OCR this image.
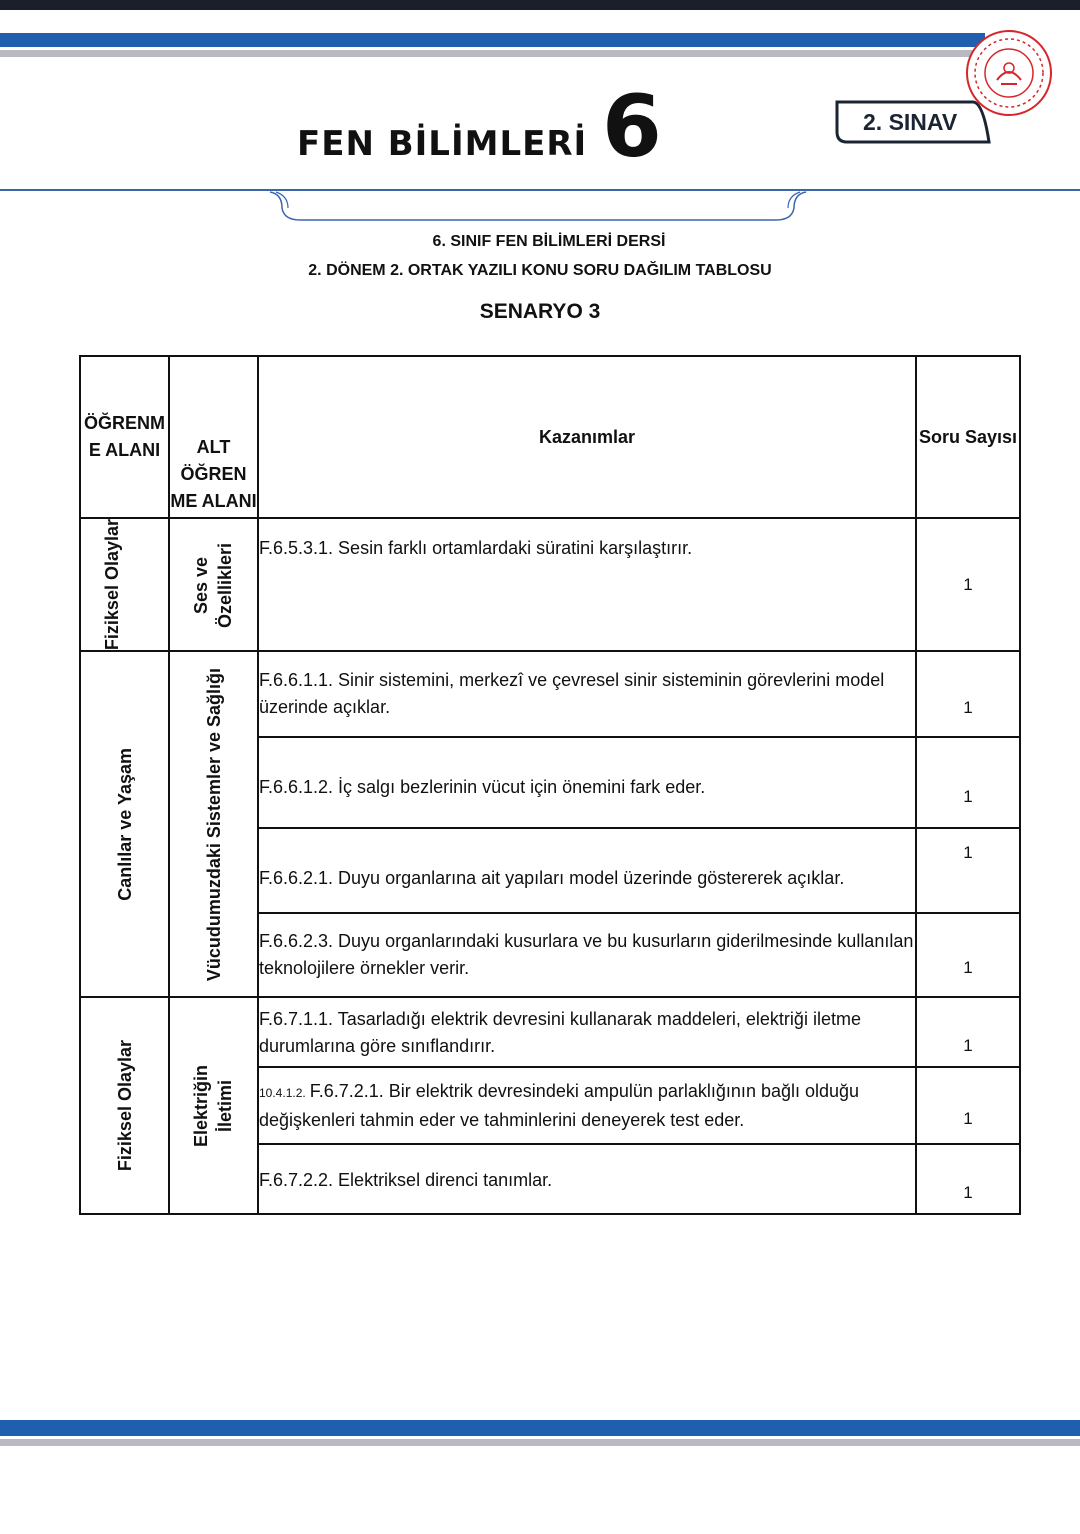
FEN BİLİMLERİ 6	2. SINAV
6. SINIF FEN BİLİMLERİ DERSİ
2. DÖNEM 2. ORTAK YAZILI KONU SORU DAĞILIM TABLOSU
SENARYO 3
ÖĞRENM E ALANI	ALT ÖĞREN ME ALANI	Kazanımlar	Soru Sayısı

Fiziksel Olaylar	Ses ve Özellikleri	F.6.5.3.1. Sesin farklı ortamlardaki süratini karşılaştırır.	1

Canlılar ve Yaşam	Vücudumuzdaki Sistemler ve Sağlığı	F.6.6.1.1. Sinir sistemini, merkezî ve çevresel sinir sisteminin görevlerini model üzerinde açıklar.	1
		F.6.6.1.2. İç salgı bezlerinin vücut için önemini fark eder.	1
		F.6.6.2.1. Duyu organlarına ait yapıları model üzerinde göstererek açıklar.	1
		F.6.6.2.3. Duyu organlarındaki kusurlara ve bu kusurların giderilmesinde kullanılan teknolojilere örnekler verir.	1

Fiziksel Olaylar	Elektriğin İletimi	F.6.7.1.1. Tasarladığı elektrik devresini kullanarak maddeleri, elektriği iletme durumlarına göre sınıflandırır.	1
		10.4.1.2. F.6.7.2.1. Bir elektrik devresindeki ampulün parlaklığının bağlı olduğu değişkenleri tahmin eder ve tahminlerini deneyerek test eder.	1
		F.6.7.2.2. Elektriksel direnci tanımlar.	1
